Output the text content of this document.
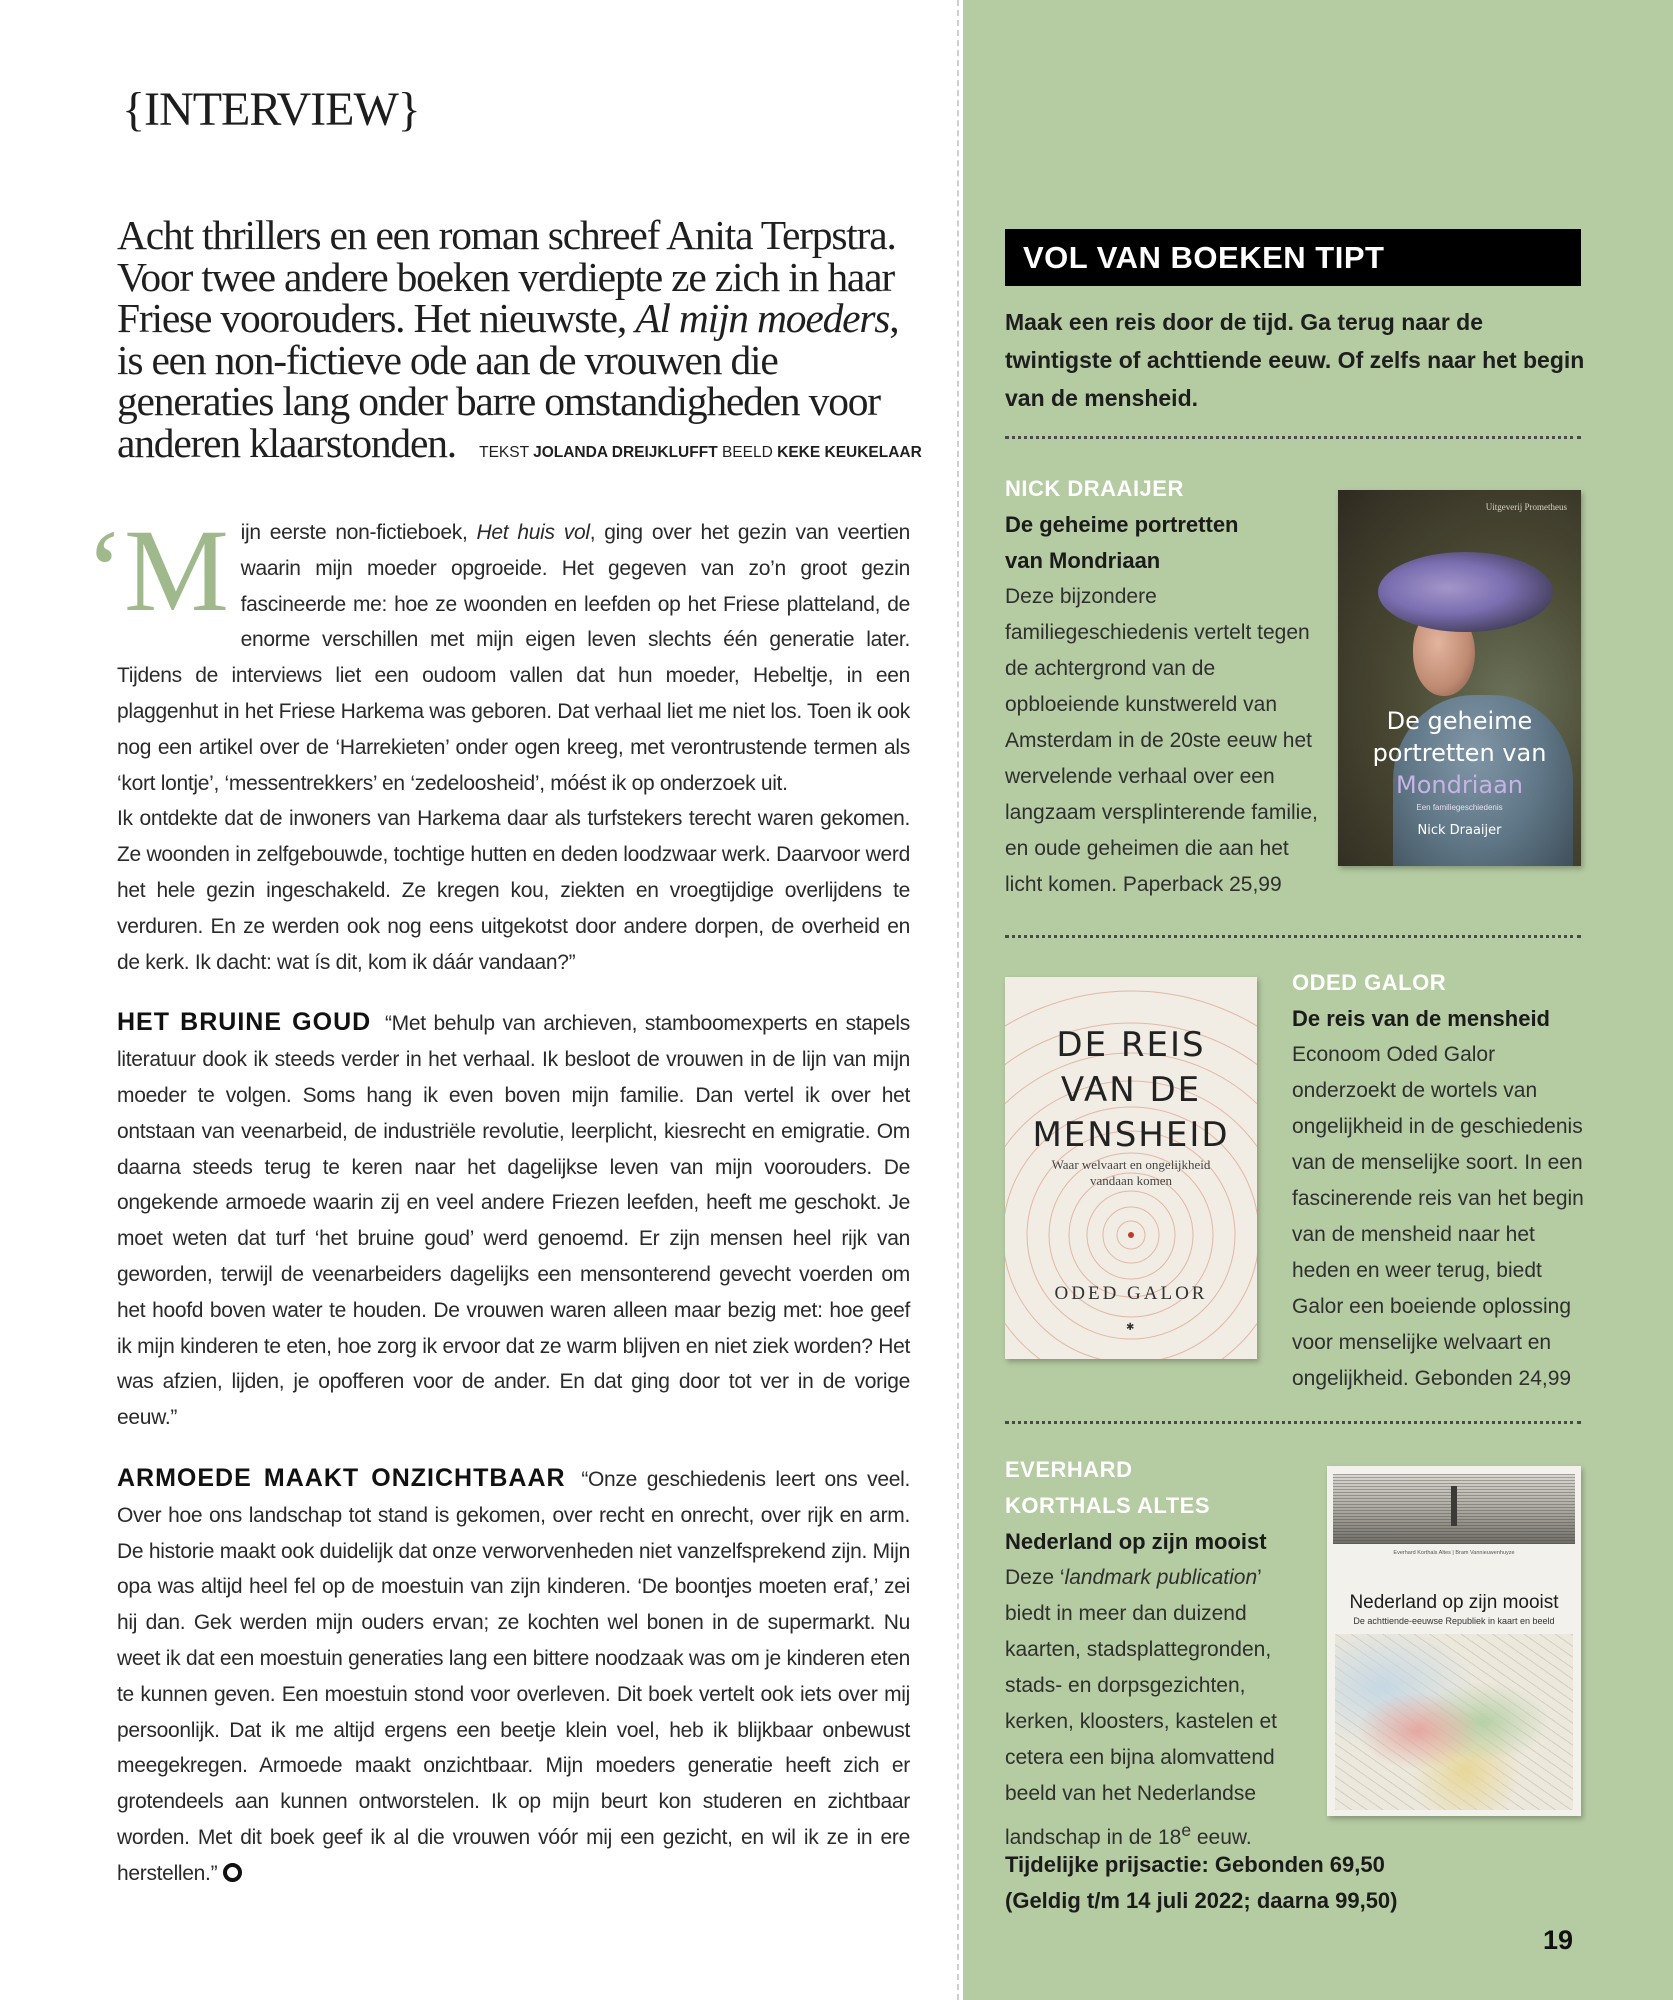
{INTERVIEW}
Acht thrillers en een roman schreef Anita Terpstra. Voor twee andere boeken verdiepte ze zich in haar Friese voorouders. Het nieuwste, Al mijn moeders, is een non-fictieve ode aan de vrouwen die generaties lang onder barre omstandigheden voor anderen klaarstonden. TEKST JOLANDA DREIJKLUFFT BEELD KEKE KEUKELAAR

‘Mijn eerste non-fictieboek, Het huis vol, ging over het gezin van veertien waarin mijn moeder opgroeide. Het gegeven van zo’n groot gezin fascineerde me: hoe ze woonden en leefden op het Friese platteland, de enorme verschillen met mijn eigen leven slechts één generatie later. Tijdens de interviews liet een oudoom vallen dat hun moeder, Hebeltje, in een plaggenhut in het Friese Harkema was geboren. Dat verhaal liet me niet los. Toen ik ook nog een artikel over de ‘Harrekieten’ onder ogen kreeg, met verontrustende termen als ‘kort lontje’, ‘messentrekkers’ en ‘zedeloosheid’, móést ik op onderzoek uit.

Ik ontdekte dat de inwoners van Harkema daar als turfstekers terecht waren gekomen. Ze woonden in zelfgebouwde, tochtige hutten en deden loodzwaar werk. Daarvoor werd het hele gezin ingeschakeld. Ze kregen kou, ziekten en vroegtijdige overlijdens te verduren. En ze werden ook nog eens uitgekotst door andere dorpen, de overheid en de kerk. Ik dacht: wat ís dit, kom ik dáár vandaan?”

HET BRUINE GOUD “Met behulp van archieven, stamboomexperts en stapels literatuur dook ik steeds verder in het verhaal. Ik besloot de vrouwen in de lijn van mijn moeder te volgen. Soms hang ik even boven mijn familie. Dan vertel ik over het ontstaan van veenarbeid, de industriële revolutie, leerplicht, kiesrecht en emigratie. Om daarna steeds terug te keren naar het dagelijkse leven van mijn voorouders. De ongekende armoede waarin zij en veel andere Friezen leefden, heeft me geschokt. Je moet weten dat turf ‘het bruine goud’ werd genoemd. Er zijn mensen heel rijk van geworden, terwijl de veenarbeiders dagelijks een mensonterend gevecht voerden om het hoofd boven water te houden. De vrouwen waren alleen maar bezig met: hoe geef ik mijn kinderen te eten, hoe zorg ik ervoor dat ze warm blijven en niet ziek worden? Het was afzien, lijden, je opofferen voor de ander. En dat ging door tot ver in de vorige eeuw.”

ARMOEDE MAAKT ONZICHTBAAR “Onze geschiedenis leert ons veel. Over hoe ons landschap tot stand is gekomen, over recht en onrecht, over rijk en arm. De historie maakt ook duidelijk dat onze verworvenheden niet vanzelfsprekend zijn. Mijn opa was altijd heel fel op de moestuin van zijn kinderen. ‘De boontjes moeten eraf,’ zei hij dan. Gek werden mijn ouders ervan; ze kochten wel bonen in de supermarkt. Nu weet ik dat een moestuin generaties lang een bittere noodzaak was om je kinderen eten te kunnen geven. Een moestuin stond voor overleven. Dit boek vertelt ook iets over mij persoonlijk. Dat ik me altijd ergens een beetje klein voel, heb ik blijkbaar onbewust meegekregen. Armoede maakt onzichtbaar. Mijn moeders generatie heeft zich er grotendeels aan kunnen ontworstelen. Ik op mijn beurt kon studeren en zichtbaar worden. Met dit boek geef ik al die vrouwen vóór mij een gezicht, en wil ik ze in ere herstellen.”

VOL VAN BOEKEN TIPT
Maak een reis door de tijd. Ga terug naar de twintigste of achttiende eeuw. Of zelfs naar het begin van de mensheid.
NICK DRAAIJER
De geheime portretten
van Mondriaan
Deze bijzondere familiegeschiedenis vertelt tegen de achtergrond van de opbloeiende kunstwereld van Amsterdam in de 20ste eeuw het wervelende verhaal over een langzaam versplinterende familie, en oude geheimen die aan het licht komen. Paperback 25,99
Uitgeverij Prometheus
De geheime
portretten van
Mondriaan
Een familiegeschiedenis
Nick Draaijer
DE REIS
VAN DE
MENSHEID
Waar welvaart en ongelijkheid
vandaan komen
ODED GALOR
✱
ODED GALOR
De reis van de mensheid
Econoom Oded Galor onderzoekt de wortels van ongelijkheid in de geschiedenis van de menselijke soort. In een fascinerende reis van het begin van de mensheid naar het heden en weer terug, biedt Galor een boeiende oplossing voor menselijke welvaart en ongelijkheid. Gebonden 24,99
EVERHARD
KORTHALS ALTES
Nederland op zijn mooist
Deze ‘landmark publication’ biedt in meer dan duizend kaarten, stadsplattegronden, stads- en dorpsgezichten, kerken, kloosters, kastelen et cetera een bijna alomvattend beeld van het Nederlandse landschap in de 18e eeuw.
Everhard Korthals Altes | Bram Vannieuwenhuyze
Nederland op zijn mooist
De achttiende-eeuwse Republiek in kaart en beeld
Tijdelijke prijsactie: Gebonden 69,50
(Geldig t/m 14 juli 2022; daarna 99,50)
19
